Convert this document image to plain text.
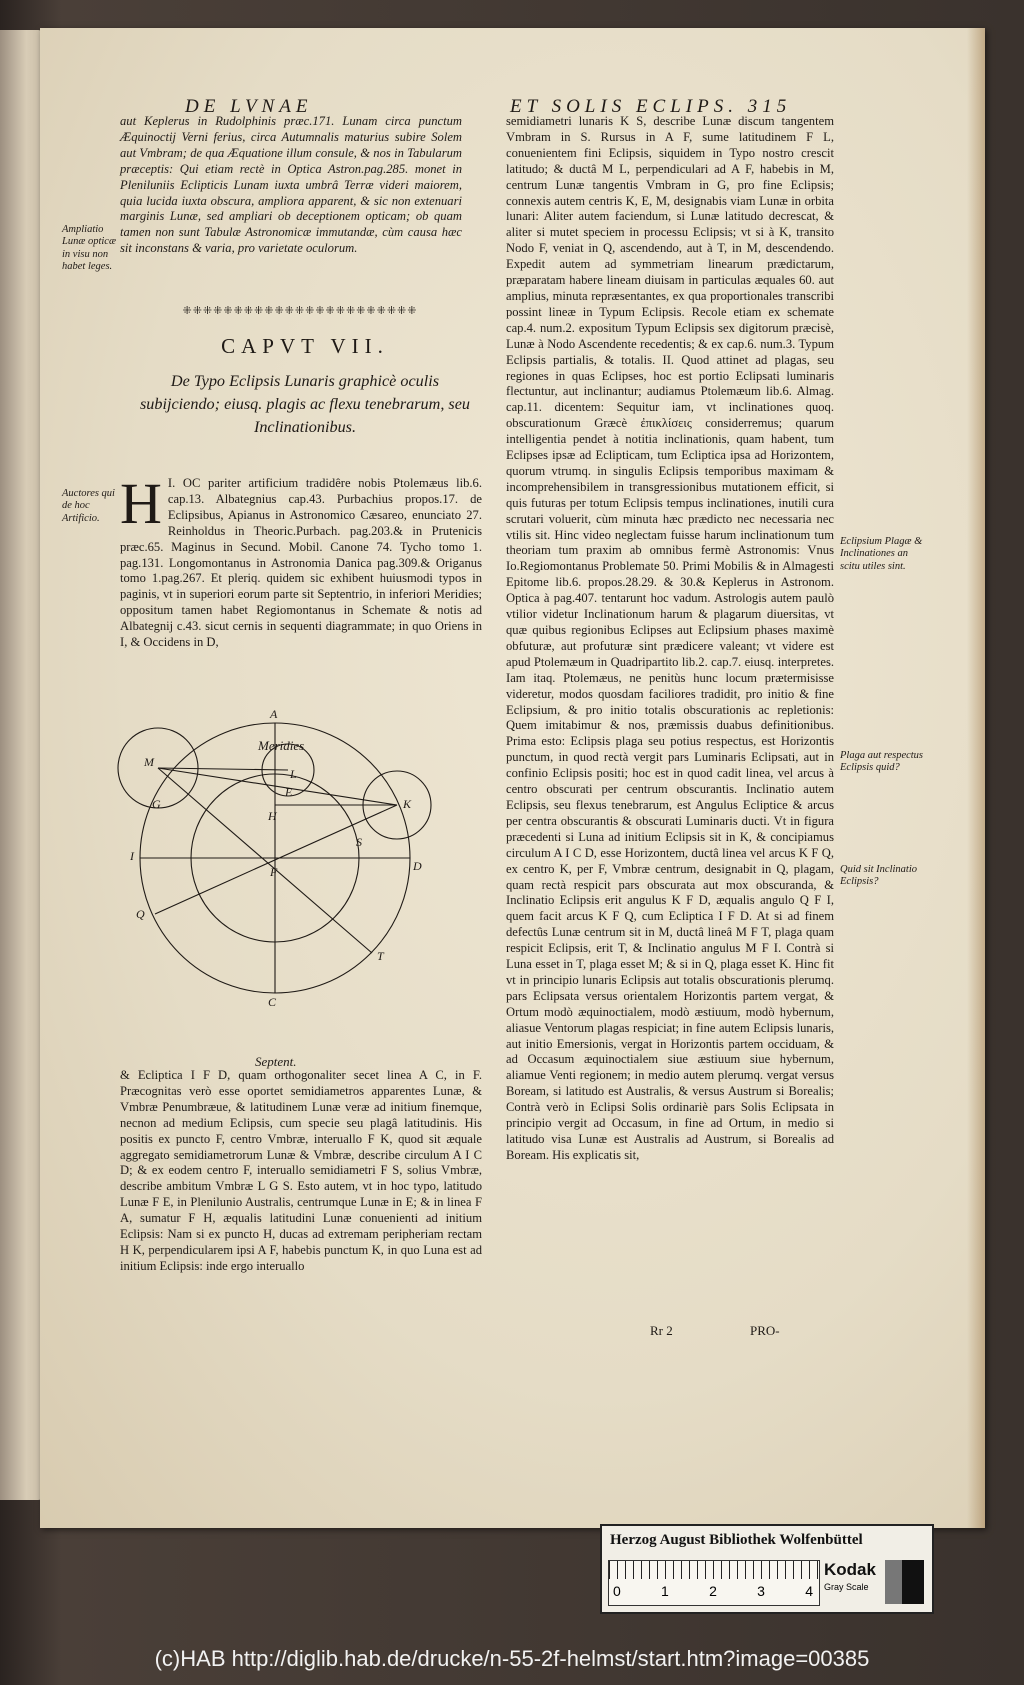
DE LVNAE	ET SOLIS ECLIPS. 315

aut Keplerus in Rudolphinis præc.171. Lunam circa punctum Æquinoctij Verni ferius, circa Autumnalis maturius subire Solem aut Vmbram; de qua Æquatione illum consule, & nos in Tabularum præceptis: Qui etiam rectè in Optica Astron.pag.285. monet in Pleniluniis Eclipticis Lunam iuxta umbrâ Terræ videri maiorem, quia lucida iuxta obscura, ampliora apparent, & sic non extenuari marginis Lunæ, sed ampliari ob deceptionem opticam; ob quam tamen non sunt Tabulæ Astronomicæ immutandæ, cùm causa hæc sit inconstans & varia, pro varietate oculorum.

Ampliatio Lunæ opticæ in visu non habet leges.
⁜⁜⁜⁜⁜⁜⁜⁜⁜⁜⁜⁜⁜⁜⁜⁜⁜⁜⁜⁜⁜⁜⁜
CAPVT VII.
De Typo Eclipsis Lunaris graphicè oculis subijciendo; eiusq. plagis ac flexu tenebrarum, seu Inclinationibus.
Auctores qui de hoc Artificio.

I.
H OC pariter artificium tradidêre nobis Ptolemæus lib.6. cap.13. Albategnius cap.43. Purbachius propos.17. de Eclipsibus, Apianus in Astronomico Cæsareo, enunciato 27. Reinholdus in Theoric.Purbach. pag.203.& in Prutenicis præc.65. Maginus in Secund. Mobil. Canone 74. Tycho tomo 1. pag.131. Longomontanus in Astronomia Danica pag.309.& Origanus tomo 1.pag.267. Et pleriq. quidem sic exhibent huiusmodi typos in paginis, vt in superiori eorum parte sit Septentrio, in inferiori Meridies; oppositum tamen habet Regiomontanus in Schemate & notis ad Albategnij c.43. sicut cernis in sequenti diagrammate; in quo Oriens in I, & Occidens in D,

Meridies
A
M
L
E
G
H
K
S
I
F	D
Q
T
C
Septent.

& Ecliptica I F D, quam orthogonaliter secet linea A C, in F. Præcognitas verò esse oportet semidiametros apparentes Lunæ, & Vmbræ Penumbræue, & latitudinem Lunæ veræ ad initium finemque, necnon ad medium Eclipsis, cum specie seu plagâ latitudinis. His positis ex puncto F, centro Vmbræ, interuallo F K, quod sit æquale aggregato semidiametrorum Lunæ & Vmbræ, describe circulum A I C D; & ex eodem centro F, interuallo semidiametri F S, solius Vmbræ, describe ambitum Vmbræ L G S. Esto autem, vt in hoc typo, latitudo Lunæ F E, in Plenilunio Australis, centrumque Lunæ in E; & in linea F A, sumatur F H, æqualis latitudini Lunæ conuenienti ad initium Eclipsis: Nam si ex puncto H, ducas ad extremam peripheriam rectam H K, perpendicularem ipsi A F, habebis punctum K, in quo Luna est ad initium Eclipsis: inde ergo interuallo

semidiametri lunaris K S, describe Lunæ discum tangentem Vmbram in S. Rursus in A F, sume latitudinem F L, conuenientem fini Eclipsis, siquidem in Typo nostro crescit latitudo; & ductâ M L, perpendiculari ad A F, habebis in M, centrum Lunæ tangentis Vmbram in G, pro fine Eclipsis; connexis autem centris K, E, M, designabis viam Lunæ in orbita lunari: Aliter autem faciendum, si Lunæ latitudo decrescat, & aliter si mutet speciem in processu Eclipsis; vt si à K, transito Nodo F, veniat in Q, ascendendo, aut à T, in M, descendendo. Expedit autem ad symmetriam linearum prædictarum, præparatam habere lineam diuisam in particulas æquales 60. aut amplius, minuta repræsentantes, ex qua proportionales transcribi possint lineæ in Typum Eclipsis. Recole etiam ex schemate cap.4. num.2. expositum Typum Eclipsis sex digitorum præcisè, Lunæ à Nodo Ascendente recedentis; & ex cap.6. num.3. Typum Eclipsis partialis, & totalis. II. Quod attinet ad plagas, seu regiones in quas Eclipses, hoc est portio Eclipsati luminaris flectuntur, aut inclinantur; audiamus Ptolemæum lib.6. Almag. cap.11. dicentem: Sequitur iam, vt inclinationes quoq. obscurationum Græcè ἐπικλίσεις considerremus; quarum intelligentia pendet à notitia inclinationis, quam habent, tum Eclipses ipsæ ad Eclipticam, tum Ecliptica ipsa ad Horizontem, quorum vtrumq. in singulis Eclipsis temporibus maximam & incomprehensibilem in transgressionibus mutationem efficit, si quis futuras per totum Eclipsis tempus inclinationes, inutili cura scrutari voluerit, cùm minuta hæc prædicto nec necessaria nec vtilis sit. Hinc video neglectam fuisse harum inclinationum tum theoriam tum praxim ab omnibus fermè Astronomis: Vnus Io.Regiomontanus Problemate 50. Primi Mobilis & in Almagesti Epitome lib.6. propos.28.29. & 30.& Keplerus in Astronom. Optica à pag.407. tentarunt hoc vadum. Astrologis autem paulò vtilior videtur Inclinationum harum & plagarum diuersitas, vt quæ quibus regionibus Eclipses aut Eclipsium phases maximè obfuturæ, aut profuturæ sint prædicere valeant; vt videre est apud Ptolemæum in Quadripartito lib.2. cap.7. eiusq. interpretes. Iam itaq. Ptolemæus, ne penitùs hunc locum prætermisisse videretur, modos quosdam faciliores tradidit, pro initio & fine Eclipsium, & pro initio totalis obscurationis ac repletionis: Quem imitabimur & nos, præmissis duabus definitionibus. Prima esto: Eclipsis plaga seu potius respectus, est Horizontis punctum, in quod rectà vergit pars Luminaris Eclipsati, aut in confinio Eclipsis positi; hoc est in quod cadit linea, vel arcus à centro obscurati per centrum obscurantis. Inclinatio autem Eclipsis, seu flexus tenebrarum, est Angulus Ecliptice & arcus per centra obscurantis & obscurati Luminaris ducti. Vt in figura præcedenti si Luna ad initium Eclipsis sit in K, & concipiamus circulum A I C D, esse Horizontem, ductâ linea vel arcus K F Q, ex centro K, per F, Vmbræ centrum, designabit in Q, plagam, quam rectà respicit pars obscurata aut mox obscuranda, & Inclinatio Eclipsis erit angulus K F D, æqualis angulo Q F I, quem facit arcus K F Q, cum Ecliptica I F D. At si ad finem defectûs Lunæ centrum sit in M, ductâ lineâ M F T, plaga quam respicit Eclipsis, erit T, & Inclinatio angulus M F I. Contrà si Luna esset in T, plaga esset M; & si in Q, plaga esset K. Hinc fit vt in principio lunaris Eclipsis aut totalis obscurationis plerumq. pars Eclipsata versus orientalem Horizontis partem vergat, & Ortum modò æquinoctialem, modò æstiuum, modò hybernum, aliasue Ventorum plagas respiciat; in fine autem Eclipsis lunaris, aut initio Emersionis, vergat in Horizontis partem occiduam, & ad Occasum æquinoctialem siue æstiuum siue hybernum, aliamue Venti regionem; in medio autem plerumq. vergat versus Boream, si latitudo est Australis, & versus Austrum si Borealis; Contrà verò in Eclipsi Solis ordinariè pars Solis Eclipsata in principio vergit ad Occasum, in fine ad Ortum, in medio si latitudo visa Lunæ est Australis ad Austrum, si Borealis ad Boream. His explicatis sit,

Eclipsium Plagæ & Inclinationes an scitu utiles sint.
Plaga aut respectus Eclipsis quid?
Quid sit Inclinatio Eclipsis?
Rr 2	PRO-
Herzog August Bibliothek Wolfenbüttel
0	1	2	3	4
Kodak
Gray Scale
(c)HAB http://diglib.hab.de/drucke/n-55-2f-helmst/start.htm?image=00385
